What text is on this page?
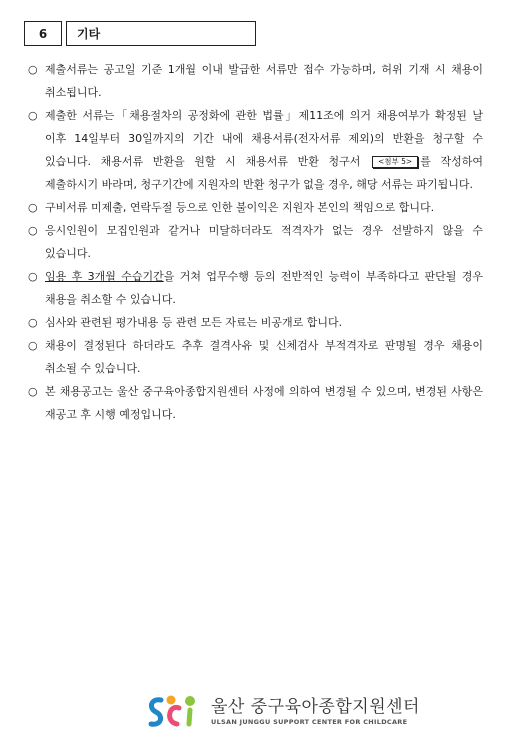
6	기타
○ 제출서류는 공고일 기준 1개월 이내 발급한 서류만 접수 가능하며, 허위 기재 시 채용이 취소됩니다.
○ 제출한 서류는「채용절차의 공정화에 관한 법률」제11조에 의거 채용여부가 확정된 날 이후 14일부터 30일까지의 기간 내에 채용서류(전자서류 제외)의 반환을 청구할 수 있습니다. 채용서류 반환을 원할 시 채용서류 반환 청구서 <첨부 5> 를 작성하여 제출하시기 바라며, 청구기간에 지원자의 반환 청구가 없을 경우, 해당 서류는 파기됩니다.
○ 구비서류 미제출, 연락두절 등으로 인한 불이익은 지원자 본인의 책임으로 합니다.
○ 응시인원이 모집인원과 같거나 미달하더라도 적격자가 없는 경우 선발하지 않을 수 있습니다.
○ 임용 후 3개월 수습기간을 거쳐 업무수행 등의 전반적인 능력이 부족하다고 판단될 경우 채용을 취소할 수 있습니다.
○ 심사와 관련된 평가내용 등 관련 모든 자료는 비공개로 합니다.
○ 채용이 결정된다 하더라도 추후 결격사유 및 신체검사 부적격자로 판명될 경우 채용이 취소될 수 있습니다.
○ 본 채용공고는 울산 중구육아종합지원센터 사정에 의하여 변경될 수 있으며, 변경된 사항은 재공고 후 시행 예정입니다.
울산 중구육아종합지원센터
ULSAN JUNGGU SUPPORT CENTER FOR CHILDCARE
